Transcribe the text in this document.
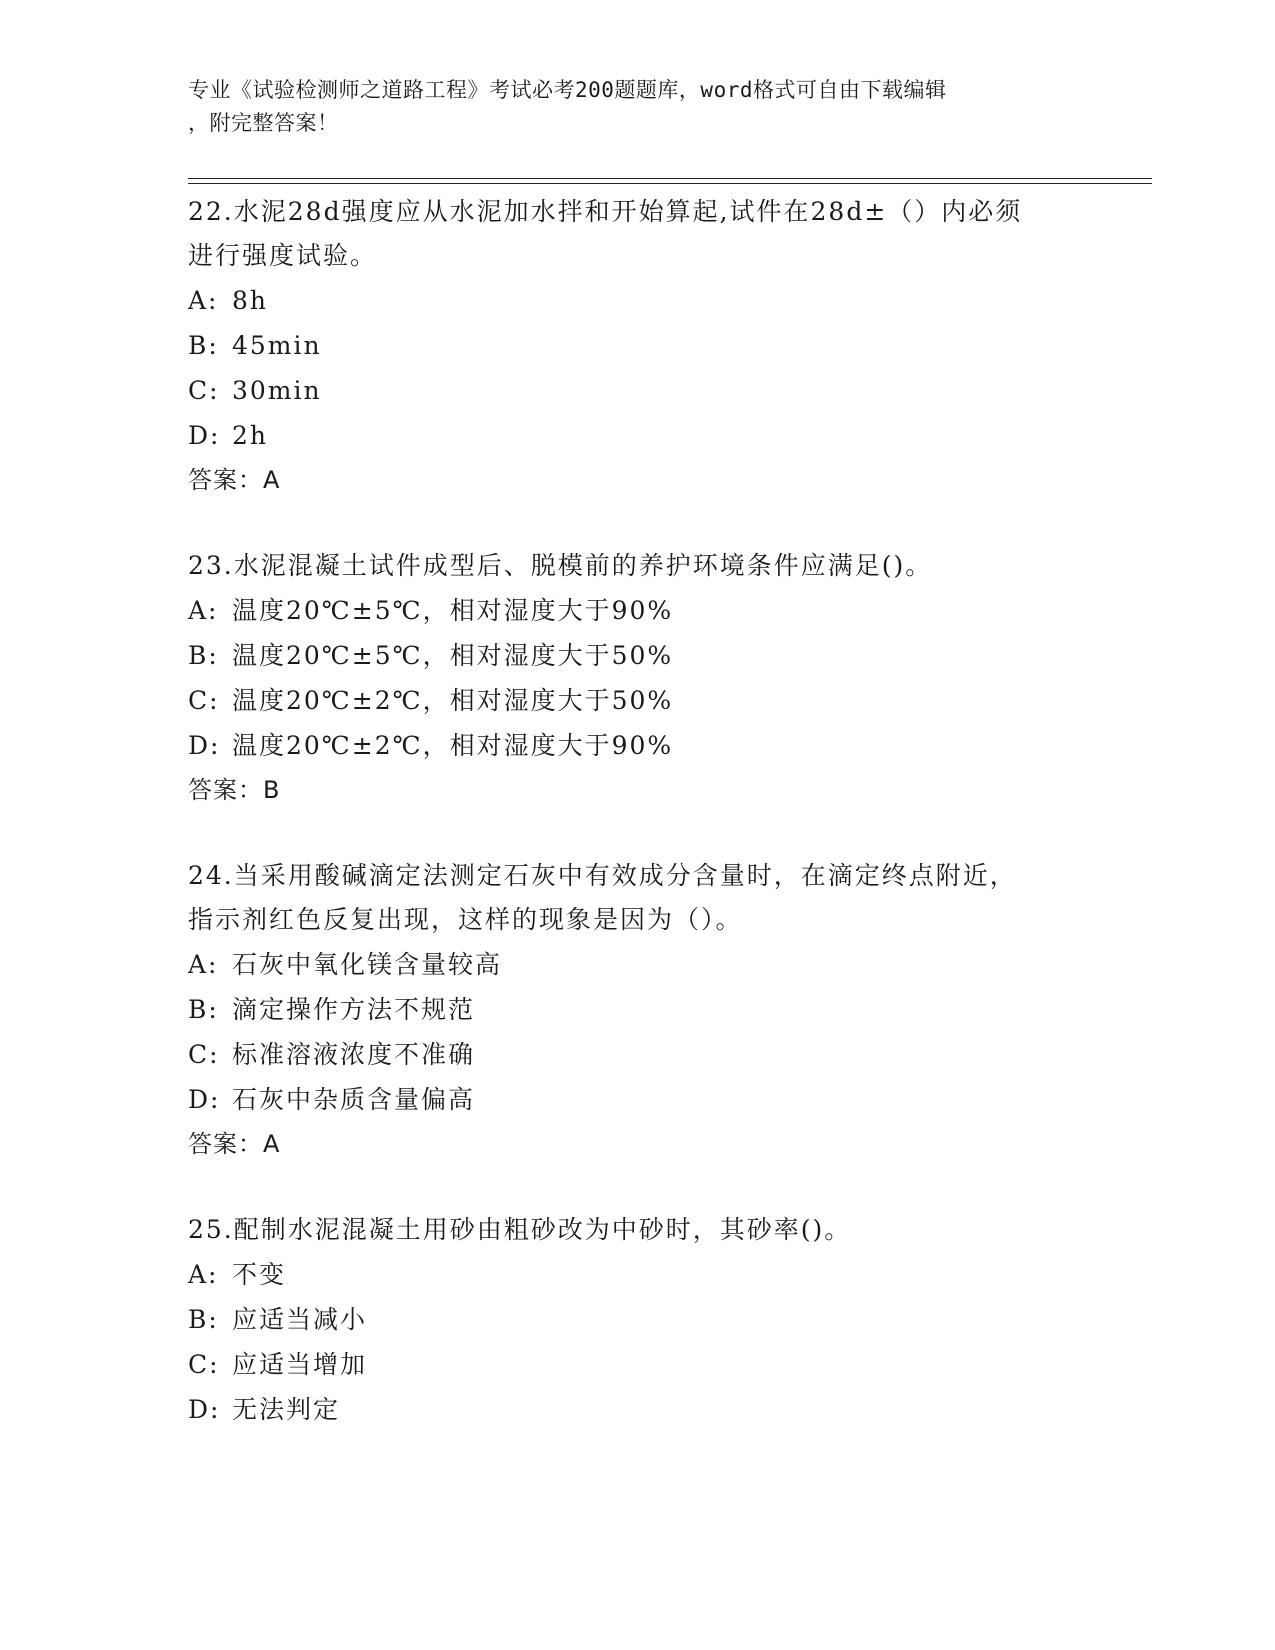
专业《试验检测师之道路工程》考试必考200题题库，word格式可自由下载编辑
，附完整答案！
22.水泥28d强度应从水泥加水拌和开始算起,试件在28d±（）内必须
进行强度试验。
A: 8h
B: 45min
C: 30min
D: 2h
答案：A
23.水泥混凝土试件成型后、脱模前的养护环境条件应满足()。
A: 温度20℃±5℃，相对湿度大于90%
B: 温度20℃±5℃，相对湿度大于50%
C: 温度20℃±2℃，相对湿度大于50%
D: 温度20℃±2℃，相对湿度大于90%
答案：B
24.当采用酸碱滴定法测定石灰中有效成分含量时，在滴定终点附近，
指示剂红色反复出现，这样的现象是因为（）。
A: 石灰中氧化镁含量较高
B: 滴定操作方法不规范
C: 标准溶液浓度不准确
D: 石灰中杂质含量偏高
答案：A
25.配制水泥混凝土用砂由粗砂改为中砂时，其砂率()。
A: 不变
B: 应适当减小
C: 应适当增加
D: 无法判定
